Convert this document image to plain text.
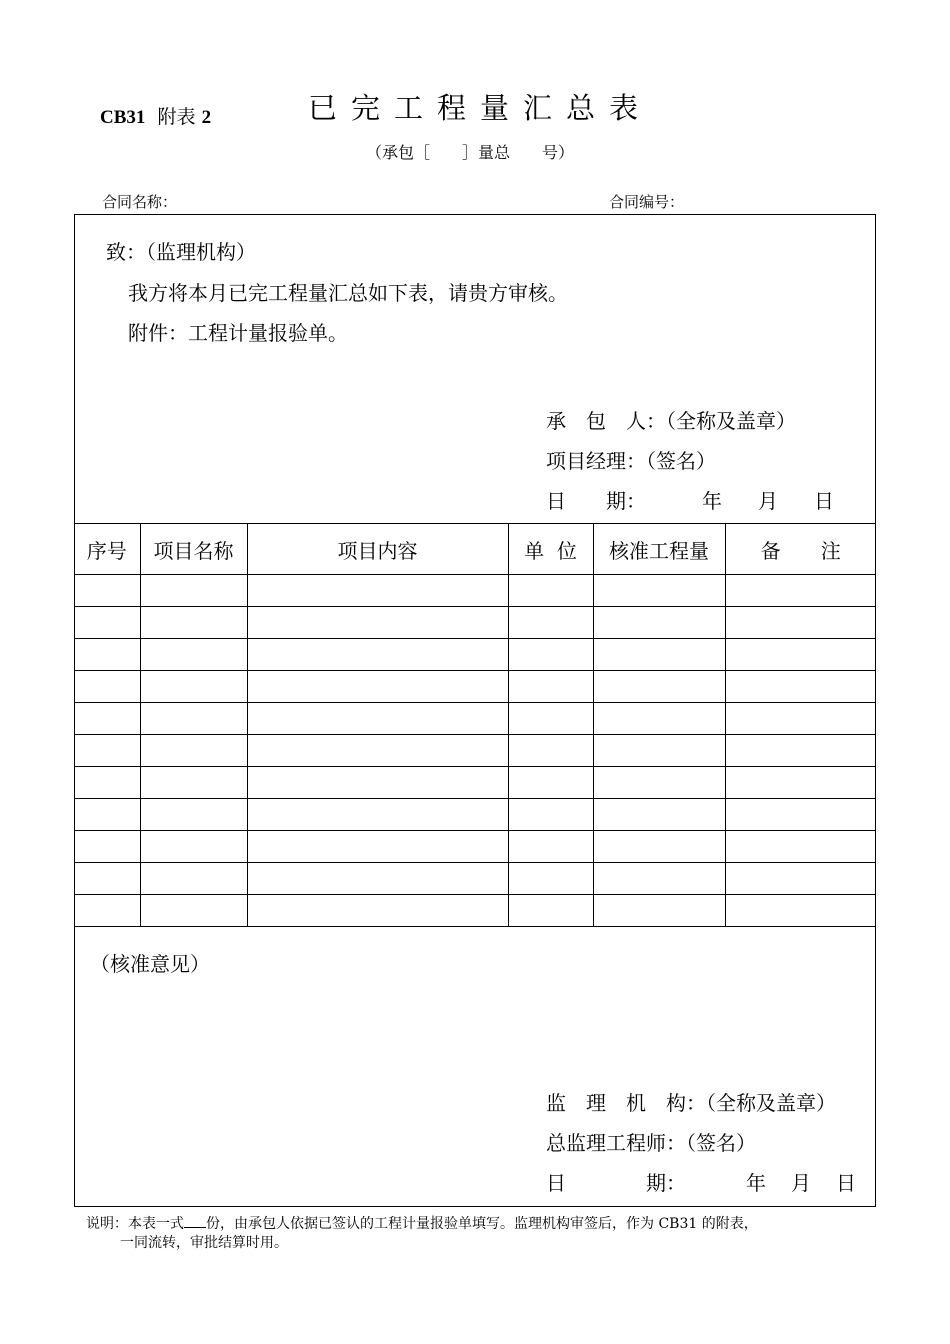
CB31 附表 2	已完工程量汇总表
（承包［　　］量总　　号）
合同名称：	合同编号：
致：（监理机构）
我方将本月已完工程量汇总如下表，请贵方审核。
附件：工程计量报验单。
承　包　人：（全称及盖章）
项目经理：（签名）
日　　期：	年 月 日
序号	项目名称	项目内容	单  位	核准工程量	备　　注

（核准意见）
监　理　机　构：（全称及盖章）
总监理工程师：（签名）
日　　　　期：	年 月 日
说明：本表一式 份，由承包人依据已签认的工程计量报验单填写。监理机构审签后，作为 CB31 的附表，
一同流转，审批结算时用。
